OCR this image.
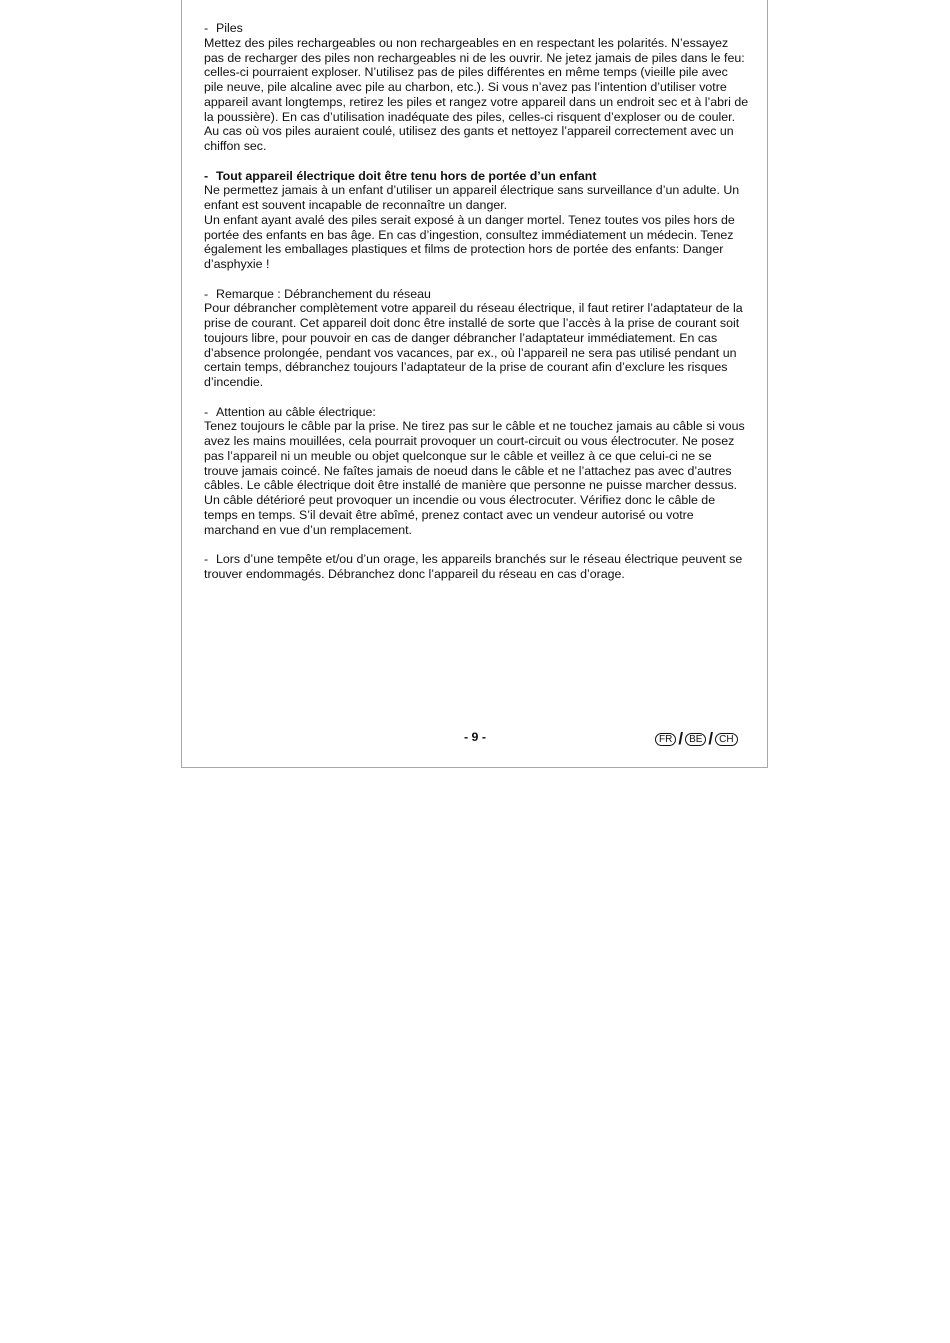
- Piles

Mettez des piles rechargeables ou non rechargeables en en respectant les polarités. N’essayez pas de recharger des piles non rechargeables ni de les ouvrir. Ne jetez jamais de piles dans le feu: celles-ci pourraient exploser. N’utilisez pas de piles différentes en même temps (vieille pile avec pile neuve, pile alcaline avec pile au charbon, etc.). Si vous n’avez pas l’intention d’utiliser votre appareil avant longtemps, retirez les piles et rangez votre appareil dans un endroit sec et à l’abri de la poussière). En cas d’utilisation inadéquate des piles, celles-ci risquent d’exploser ou de couler.

Au cas où vos piles auraient coulé, utilisez des gants et nettoyez l’appareil correctement avec un chiffon sec.

- Tout appareil électrique doit être tenu hors de portée d’un enfant

Ne permettez jamais à un enfant d’utiliser un appareil électrique sans surveillance d’un adulte. Un enfant est souvent incapable de reconnaître un danger.

Un enfant ayant avalé des piles serait exposé à un danger mortel. Tenez toutes vos piles hors de portée des enfants en bas âge. En cas d’ingestion, consultez immédiatement un médecin. Tenez également les emballages plastiques et films de protection hors de portée des enfants: Danger d’asphyxie !

- Remarque : Débranchement du réseau

Pour débrancher complètement votre appareil du réseau électrique, il faut retirer l’adaptateur de la prise de courant. Cet appareil doit donc être installé de sorte que l’accès à la prise de courant soit toujours libre, pour pouvoir en cas de danger débrancher l’adaptateur immédiatement. En cas d’absence prolongée, pendant vos vacances, par ex., où l’appareil ne sera pas utilisé pendant un certain temps, débranchez toujours l’adaptateur de la prise de courant afin d’exclure les risques d’incendie.

- Attention au câble électrique:

Tenez toujours le câble par la prise. Ne tirez pas sur le câble et ne touchez jamais au câble si vous avez les mains mouillées, cela pourrait provoquer un court-circuit ou vous électrocuter. Ne posez pas l’appareil ni un meuble ou objet quelconque sur le câble et veillez à ce que celui-ci ne se trouve jamais coincé. Ne faîtes jamais de noeud dans le câble et ne l’attachez pas avec d’autres câbles. Le câble électrique doit être installé de manière que personne ne puisse marcher dessus. Un câble détérioré peut provoquer un incendie ou vous électrocuter. Vérifiez donc le câble de temps en temps. S’il devait être abîmé, prenez contact avec un vendeur autorisé ou votre marchand en vue d’un remplacement.

- Lors d’une tempête et/ou d’un orage, les appareils branchés sur le réseau électrique peuvent se trouver endommagés. Débranchez donc l’appareil du réseau en cas d’orage.

- 9 -	FR / BE / CH
